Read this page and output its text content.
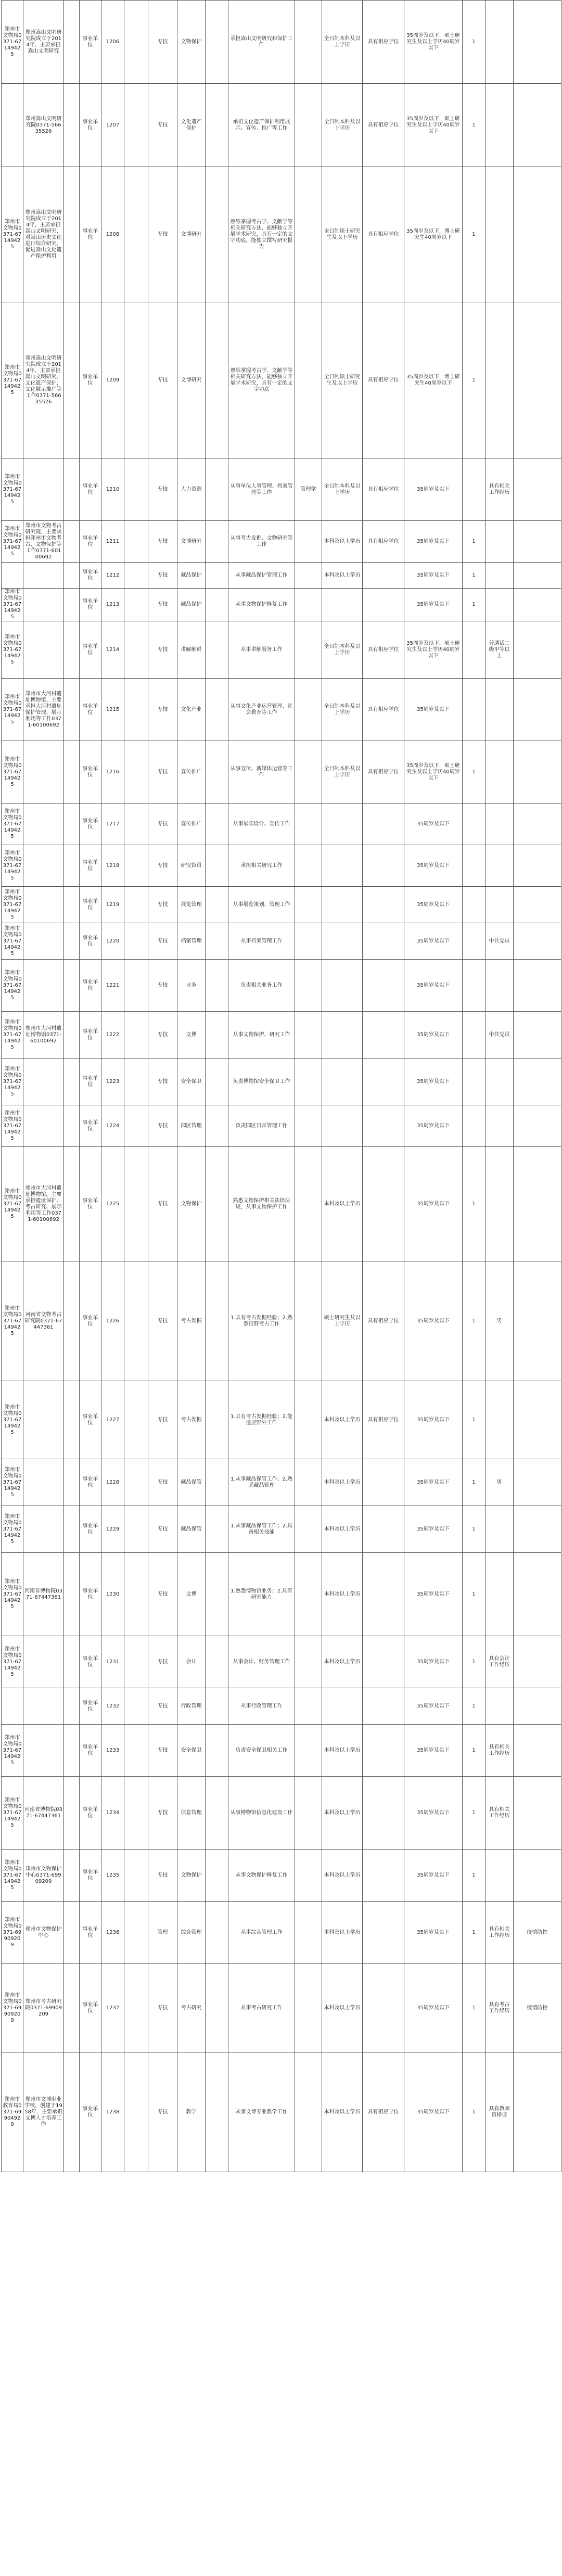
郑州市文物局0371-67149425	郑州嵩山文明研究院成立于2014年，主要承担嵩山文明研究		事业单位	1206		专技	文物保护		承担嵩山文明研究和保护工作		全日制本科及以上学历	具有相应学位	35周岁及以下，硕士研究生及以上学历40周岁以下	1		
	郑州嵩山文明研究院0371-56635526		事业单位	1207		专技	文化遗产保护		承担文化遗产保护利用展示、宣传、推广等工作		全日制本科及以上学历	具有相应学位	35周岁及以下，硕士研究生及以上学历40周岁以下	1		
郑州市文物局0371-67149425	郑州嵩山文明研究院成立于2014年，主要承担嵩山文明研究，对嵩山历史文化进行综合研究，促进嵩山文化遗产保护利用		事业单位	1208		专技	文博研究		熟练掌握考古学、文献学等相关研究方法，能够独立开展学术研究，具有一定的文字功底，能独立撰写研究报告		全日制硕士研究生及以上学历	具有相应学位	35周岁及以下，博士研究生40周岁以下	1		
郑州市文物局0371-67149425	郑州嵩山文明研究院成立于2014年，主要承担嵩山文明研究、文化遗产保护、文化展示推广等工作0371-56635526		事业单位	1209		专技	文博研究		熟练掌握考古学、文献学等相关研究方法，能够独立开展学术研究，具有一定的文字功底		全日制硕士研究生及以上学历	具有相应学位	35周岁及以下，博士研究生40周岁以下	1		
郑州市文物局0371-67149425			事业单位	1210		专技	人力资源		从事单位人事管理、档案管理等工作	管理学	全日制本科及以上学历	具有相应学位	35周岁及以下		具有相关工作经历	
郑州市文物局0371-67149425	郑州市文物考古研究院，主要承担郑州市文物考古、文物保护等工作0371-60100692		事业单位	1211		专技	文博研究		从事考古发掘、文物研究等工作		本科及以上学历	具有相应学位	35周岁及以下	1		
			事业单位	1212		专技	藏品保护		从事藏品保护管理工作		本科及以上学历		35周岁及以下	1		
郑州市文物局0371-67149425			事业单位	1213		专技	藏品保护		从事文物保护修复工作				35周岁及以下	1		
郑州市文物局0371-67149425			事业单位	1214		专技	讲解解说		从事讲解服务工作		全日制本科及以上学历	具有相应学位	35周岁及以下，硕士研究生及以上学历40周岁以下		普通话二级甲等以上	
郑州市文物局0371-67149425	郑州市大河村遗址博物馆，主要承担大河村遗址保护管理、展示利用等工作0371-60100692		事业单位	1215		专技	文化产业		从事文化产业运营管理、社会教育等工作		全日制本科及以上学历	具有相应学位	35周岁及以下			
郑州市文物局0371-67149425			事业单位	1216		专技	宣传推广		从事宣传、新媒体运营等工作		全日制本科及以上学历	具有相应学位	35周岁及以下，硕士研究生及以上学历40周岁以下	1		
郑州市文物局0371-67149425			事业单位	1217		专技	宣传推广		从事展陈设计、宣传工作				35周岁及以下			
郑州市文物局0371-67149425			事业单位	1218		专技	研究馆员		承担相关研究工作				35周岁及以下			
郑州市文物局0371-67149425			事业单位	1219		专技	展览管理		从事展览策划、管理工作				35周岁及以下			
郑州市文物局0371-67149425			事业单位	1220		专技	档案管理		从事档案管理工作				35周岁及以下		中共党员	
郑州市文物局0371-67149425			事业单位	1221		专技	业务		负责相关业务工作				35周岁及以下			
郑州市文物局0371-67149425	郑州市大河村遗址博物馆0371-60100692		事业单位	1222		专技	文博		从事文物保护、研究工作				35周岁及以下		中共党员	
郑州市文物局0371-67149425			事业单位	1223		专技	安全保卫		负责博物馆安全保卫工作				35周岁及以下			
郑州市文物局0371-67149425			事业单位	1224		专技	园区管理		负责园区日常管理工作				35周岁及以下			
郑州市文物局0371-67149425	郑州市大河村遗址博物馆，主要承担遗址保护、考古研究、展示利用等工作0371-60100692		事业单位	1225		专技	文物保护		熟悉文物保护相关法律法规，从事文物保护工作		本科及以上学历		35周岁及以下	1		
郑州市文物局0371-67149425	河南省文物考古研究院0371-67447361		事业单位	1226		专技	考古发掘		1.具有考古发掘经验；2.熟悉田野考古工作		硕士研究生及以上学历	具有相应学位	35周岁及以下	1	男	
郑州市文物局0371-67149425			事业单位	1227		专技	考古发掘		1.具有考古发掘经验；2.能适应野外工作		本科及以上学历	具有相应学位	35周岁及以下	1		
郑州市文物局0371-67149425			事业单位	1228		专技	藏品保管		1.从事藏品保管工作；2.熟悉藏品管理		本科及以上学历		35周岁及以下	1	男	
郑州市文物局0371-67149425			事业单位	1229		专技	藏品保管		1.从事藏品保管工作；2.具备相关技能		本科及以上学历		35周岁及以下	1		
郑州市文物局0371-67149425	河南省博物院0371-67447361		事业单位	1230		专技	文博		1.熟悉博物馆业务；2.具有研究能力		本科及以上学历		35周岁及以下	1		
郑州市文物局0371-67149425			事业单位	1231		专技	会计		从事会计、财务管理工作		本科及以上学历		35周岁及以下	1	具有会计工作经历	
			事业单位	1232		专技	行政管理		从事行政管理工作				35周岁及以下	1		
郑州市文物局0371-67149425			事业单位	1233		专技	安全保卫		负责安全保卫相关工作		本科及以上学历		35周岁及以下	1	具有相关工作经历	
郑州市文物局0371-67149425	河南省博物院0371-67447361		事业单位	1234		专技	信息管理		从事博物馆信息化建设工作		本科及以上学历		35周岁及以下	1	具有相关工作经历	
郑州市文物局0371-67149425	郑州市文物保护中心0371-69909209		事业单位	1235		专技	文物保护		从事文物保护修复工作		本科及以上学历		35周岁及以下	1		
郑州市文物局0371-69909209	郑州市文物保护中心		事业单位	1236		管理	综合管理		从事综合管理工作		本科及以上学历		35周岁及以下	1	具有相关工作经历	疫情防控
郑州市文物局0371-69909209	郑州市考古研究院0371-69909209		事业单位	1237		专技	考古研究		从事考古研究工作		本科及以上学历		35周岁及以下	1	具有考古工作经历	疫情防控
郑州市教育局0371-69904929	郑州市文博职业学校，创建于1958年，主要承担文博人才培养工作		事业单位	1238		专技	教学		从事文博专业教学工作		本科及以上学历	具有相应学位	35周岁及以下	1	具有教师资格证	
